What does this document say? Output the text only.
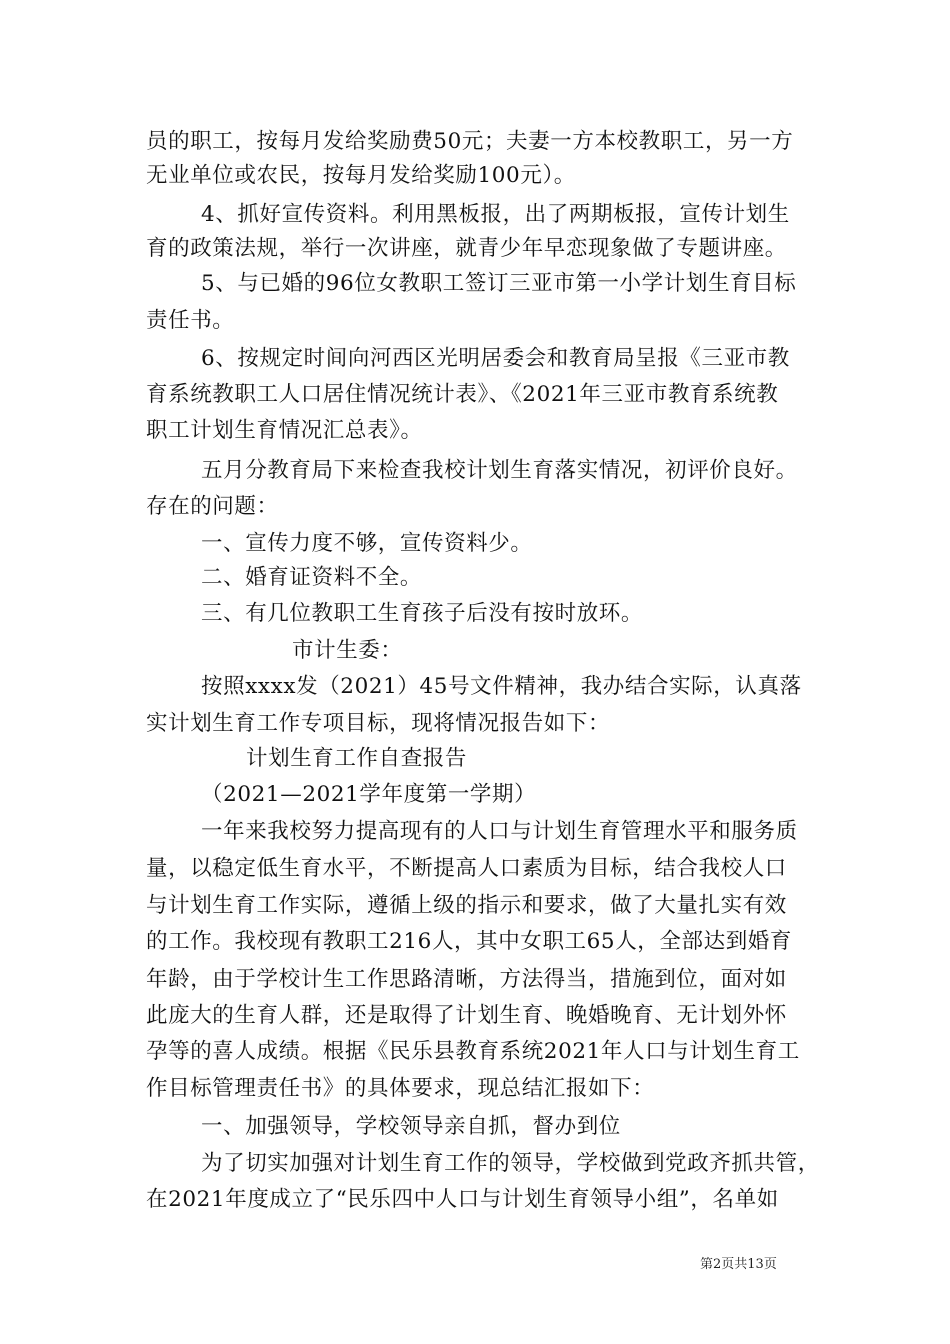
员的职工，按每月发给奖励费50元；夫妻一方本校教职工，另一方
无业单位或农民，按每月发给奖励100元）。
4、抓好宣传资料。利用黑板报，出了两期板报，宣传计划生
育的政策法规，举行一次讲座，就青少年早恋现象做了专题讲座。
5、与已婚的96位女教职工签订三亚市第一小学计划生育目标
责任书。
6、按规定时间向河西区光明居委会和教育局呈报《三亚市教
育系统教职工人口居住情况统计表》、《2021年三亚市教育系统教
职工计划生育情况汇总表》。
五月分教育局下来检查我校计划生育落实情况，初评价良好。
存在的问题：
一、宣传力度不够，宣传资料少。
二、婚育证资料不全。
三、有几位教职工生育孩子后没有按时放环。
市计生委：
按照xxxx发（2021）45号文件精神，我办结合实际，认真落
实计划生育工作专项目标，现将情况报告如下：
计划生育工作自查报告
（2021—2021学年度第一学期）
一年来我校努力提高现有的人口与计划生育管理水平和服务质
量，以稳定低生育水平，不断提高人口素质为目标，结合我校人口
与计划生育工作实际，遵循上级的指示和要求，做了大量扎实有效
的工作。我校现有教职工216人，其中女职工65人，全部达到婚育
年龄，由于学校计生工作思路清晰，方法得当，措施到位，面对如
此庞大的生育人群，还是取得了计划生育、晚婚晚育、无计划外怀
孕等的喜人成绩。根据《民乐县教育系统2021年人口与计划生育工
作目标管理责任书》的具体要求，现总结汇报如下：
一、加强领导，学校领导亲自抓，督办到位
为了切实加强对计划生育工作的领导，学校做到党政齐抓共管，
在2021年度成立了“民乐四中人口与计划生育领导小组”，名单如
第2页共13页
